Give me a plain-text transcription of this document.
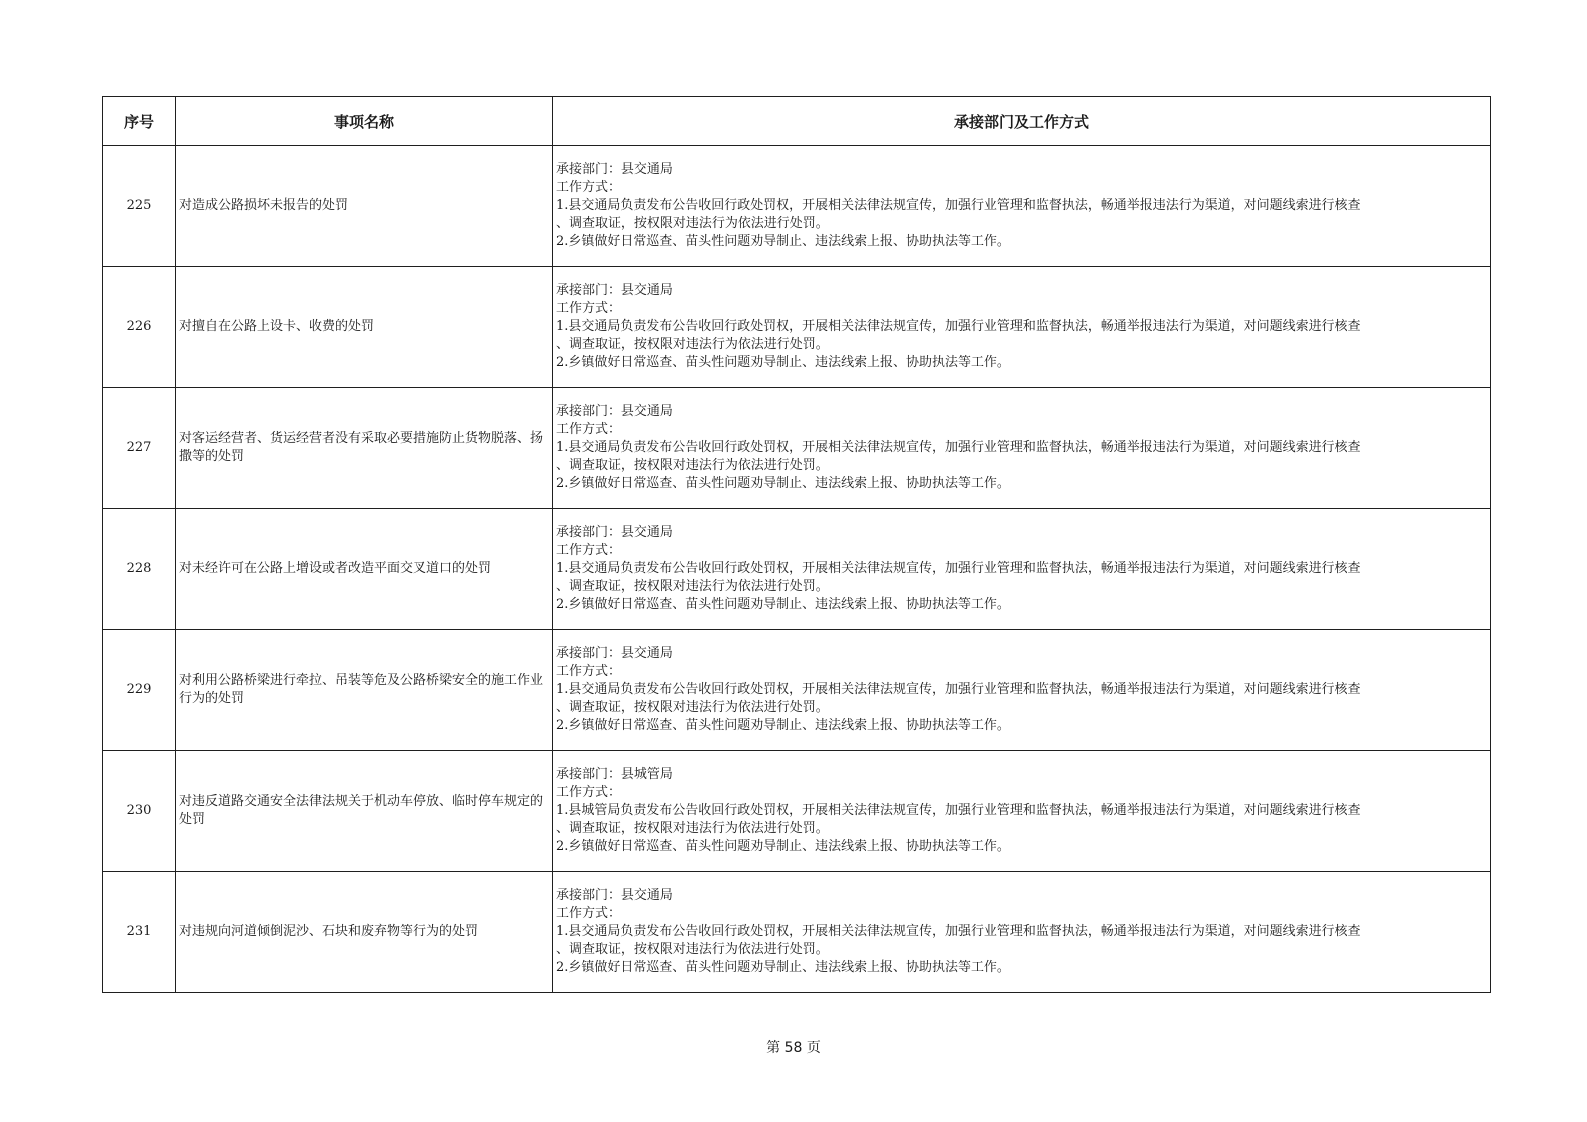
序号	事项名称	承接部门及工作方式
225	对造成公路损坏未报告的处罚	承接部门：县交通局
工作方式：
1.县交通局负责发布公告收回行政处罚权，开展相关法律法规宣传，加强行业管理和监督执法，畅通举报违法行为渠道，对问题线索进行核查
、调查取证，按权限对违法行为依法进行处罚。
2.乡镇做好日常巡查、苗头性问题劝导制止、违法线索上报、协助执法等工作。

226	对擅自在公路上设卡、收费的处罚	承接部门：县交通局
工作方式：
1.县交通局负责发布公告收回行政处罚权，开展相关法律法规宣传，加强行业管理和监督执法，畅通举报违法行为渠道，对问题线索进行核查
、调查取证，按权限对违法行为依法进行处罚。
2.乡镇做好日常巡查、苗头性问题劝导制止、违法线索上报、协助执法等工作。

227	对客运经营者、货运经营者没有采取必要措施防止货物脱落、扬撒等的处罚	承接部门：县交通局
工作方式：
1.县交通局负责发布公告收回行政处罚权，开展相关法律法规宣传，加强行业管理和监督执法，畅通举报违法行为渠道，对问题线索进行核查
、调查取证，按权限对违法行为依法进行处罚。
2.乡镇做好日常巡查、苗头性问题劝导制止、违法线索上报、协助执法等工作。

228	对未经许可在公路上增设或者改造平面交叉道口的处罚	承接部门：县交通局
工作方式：
1.县交通局负责发布公告收回行政处罚权，开展相关法律法规宣传，加强行业管理和监督执法，畅通举报违法行为渠道，对问题线索进行核查
、调查取证，按权限对违法行为依法进行处罚。
2.乡镇做好日常巡查、苗头性问题劝导制止、违法线索上报、协助执法等工作。

229	对利用公路桥梁进行牵拉、吊装等危及公路桥梁安全的施工作业行为的处罚	承接部门：县交通局
工作方式：
1.县交通局负责发布公告收回行政处罚权，开展相关法律法规宣传，加强行业管理和监督执法，畅通举报违法行为渠道，对问题线索进行核查
、调查取证，按权限对违法行为依法进行处罚。
2.乡镇做好日常巡查、苗头性问题劝导制止、违法线索上报、协助执法等工作。

230	对违反道路交通安全法律法规关于机动车停放、临时停车规定的处罚	承接部门：县城管局
工作方式：
1.县城管局负责发布公告收回行政处罚权，开展相关法律法规宣传，加强行业管理和监督执法，畅通举报违法行为渠道，对问题线索进行核查
、调查取证，按权限对违法行为依法进行处罚。
2.乡镇做好日常巡查、苗头性问题劝导制止、违法线索上报、协助执法等工作。

231	对违规向河道倾倒泥沙、石块和废弃物等行为的处罚	承接部门：县交通局
工作方式：
1.县交通局负责发布公告收回行政处罚权，开展相关法律法规宣传，加强行业管理和监督执法，畅通举报违法行为渠道，对问题线索进行核查
、调查取证，按权限对违法行为依法进行处罚。
2.乡镇做好日常巡查、苗头性问题劝导制止、违法线索上报、协助执法等工作。
第 58 页
